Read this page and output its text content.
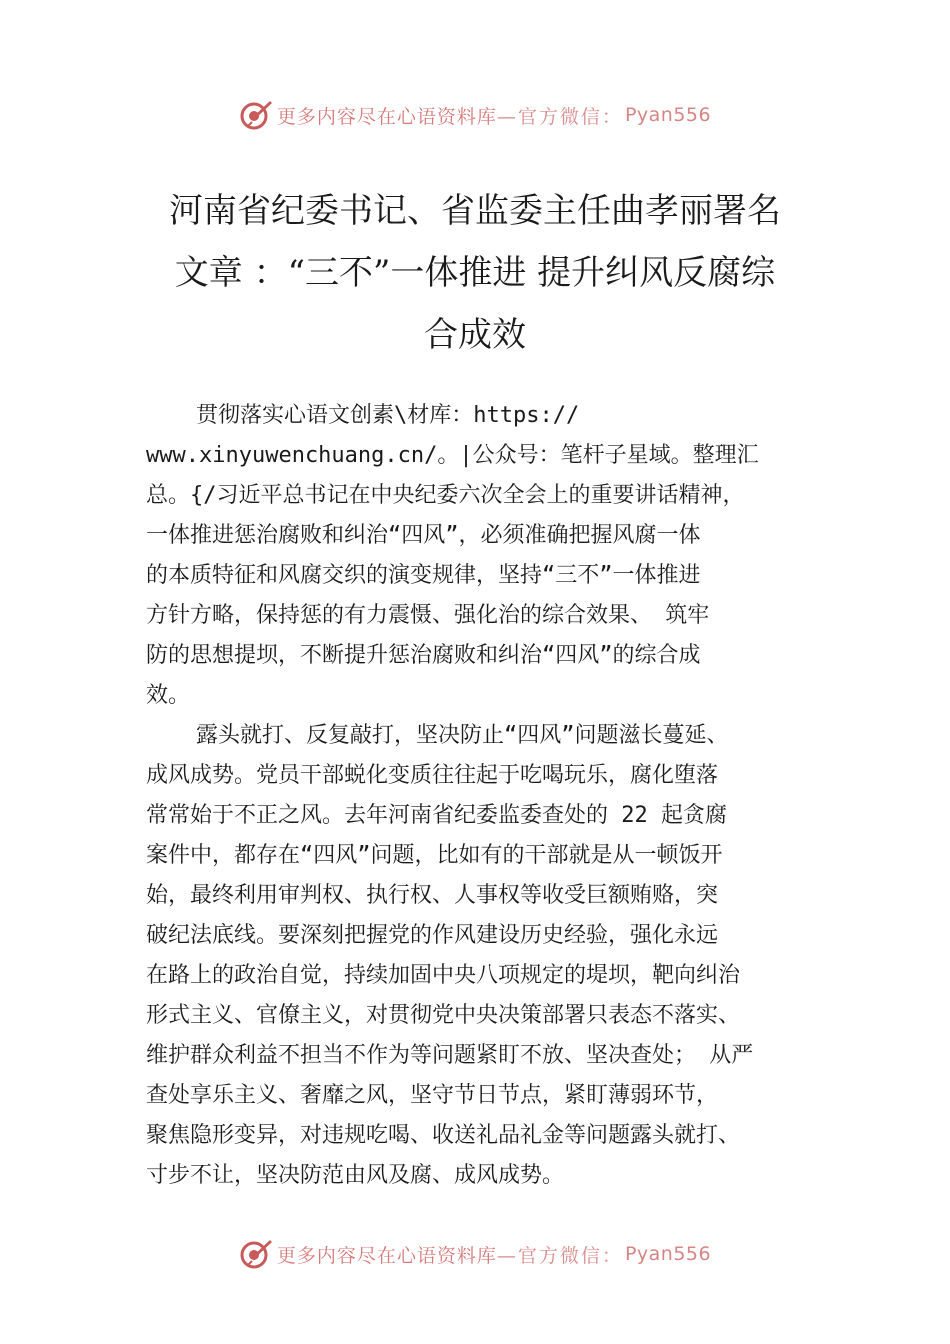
更多内容尽在心语资料库 —官方微信： Pyan556
河南省纪委书记、省监委主任曲孝丽署名
文章 ：“三不”一体推进 提升纠风反腐综
合成效
贯彻落实心语文创素\材库：https://
www.xinyuwenchuang.cn/。|公众号：笔杆子星域。整理汇
总。{/习近平总书记在中央纪委六次全会上的重要讲话精神，
一体推进惩治腐败和纠治“四风”，必须准确把握风腐一体
的本质特征和风腐交织的演变规律，坚持“三不”一体推进
方针方略，保持惩的有力震慑、强化治的综合效果、 筑牢
防的思想提坝，不断提升惩治腐败和纠治“四风”的综合成
效。
露头就打、反复敲打，坚决防止“四风”问题滋长蔓延、
成风成势。党员干部蜕化变质往往起于吃喝玩乐，腐化堕落
常常始于不正之风。去年河南省纪委监委查处的 22 起贪腐
案件中，都存在“四风”问题，比如有的干部就是从一顿饭开
始，最终利用审判权、执行权、人事权等收受巨额贿赂，突
破纪法底线。要深刻把握党的作风建设历史经验，强化永远
在路上的政治自觉，持续加固中央八项规定的堤坝，靶向纠治
形式主义、官僚主义，对贯彻党中央决策部署只表态不落实、
维护群众利益不担当不作为等问题紧盯不放、坚决查处； 从严
查处享乐主义、奢靡之风，坚守节日节点，紧盯薄弱环节，
聚焦隐形变异，对违规吃喝、收送礼品礼金等问题露头就打、
寸步不让，坚决防范由风及腐、成风成势。
更多内容尽在心语资料库 —官方微信： Pyan556
